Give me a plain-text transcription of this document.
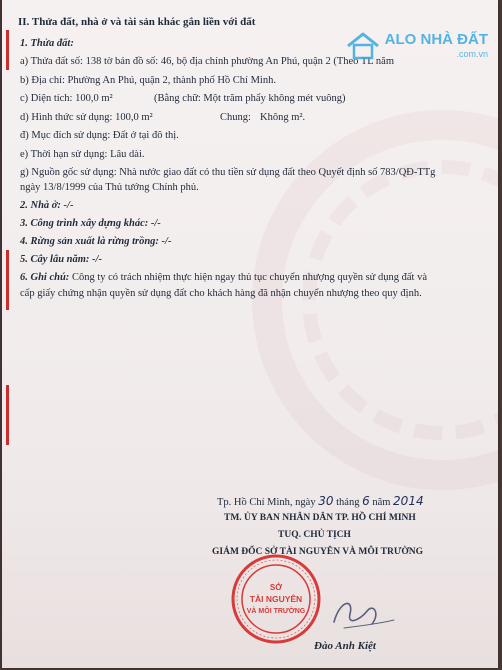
II. Thửa đất, nhà ở và tài sản khác gắn liền với đất
1. Thửa đất:
a) Thửa đất số: 138 tờ bản đồ số: 46, bộ địa chính phường An Phú, quận 2 (Theo TL năm
b) Địa chỉ: Phường An Phú, quận 2, thành phố Hồ Chí Minh.
c) Diện tích: 100,0 m²	(Bằng chữ: Một trăm phẩy không mét vuông)
d) Hình thức sử dụng: 100,0 m²	Chung: Không m².
đ) Mục đích sử dụng: Đất ở tại đô thị.
e) Thời hạn sử dụng: Lâu dài.
g) Nguồn gốc sử dụng: Nhà nước giao đất có thu tiền sử dụng đất theo Quyết định số 783/QĐ-TTg
ngày 13/8/1999 của Thủ tướng Chính phủ.
2. Nhà ở: -/-
3. Công trình xây dựng khác: -/-
4. Rừng sản xuất là rừng trồng: -/-
5. Cây lâu năm: -/-
6. Ghi chú: Công ty có trách nhiệm thực hiện ngay thủ tục chuyển nhượng quyền sử dụng đất và
cấp giấy chứng nhận quyền sử dụng đất cho khách hàng đã nhận chuyển nhượng theo quy định.
Tp. Hồ Chí Minh, ngày 30 tháng 6 năm 2014
TM. ỦY BAN NHÂN DÂN TP. HỒ CHÍ MINH
TUQ. CHỦ TỊCH
GIÁM ĐỐC SỞ TÀI NGUYÊN VÀ MÔI TRƯỜNG
SỞ
TÀI NGUYÊN
VÀ MÔI TRƯỜNG
Đào Anh Kiệt
ALO NHÀ ĐẤT
.com.vn
